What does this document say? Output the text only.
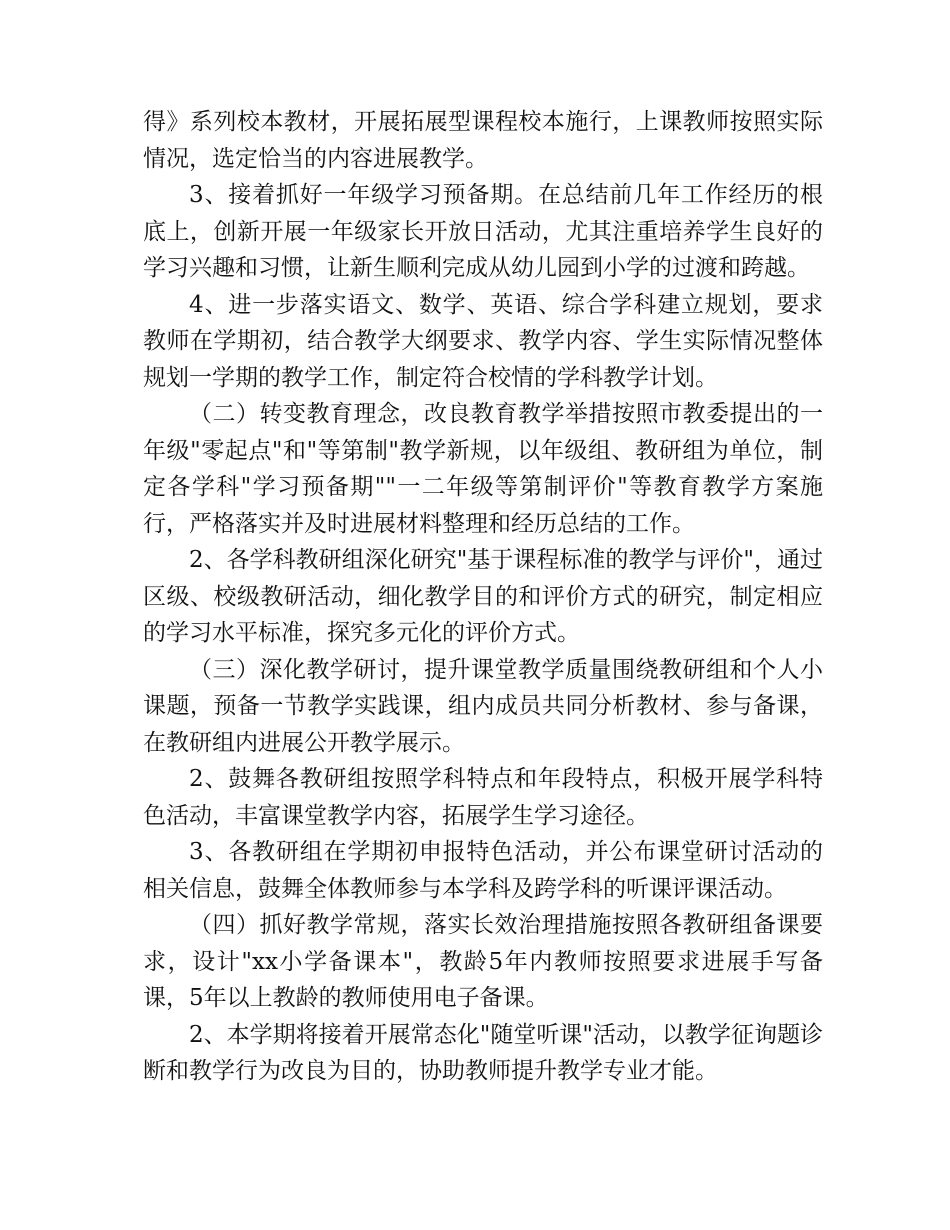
得》系列校本教材，开展拓展型课程校本施行，上课教师按照实际情况，选定恰当的内容进展教学。

3、接着抓好一年级学习预备期。在总结前几年工作经历的根底上，创新开展一年级家长开放日活动，尤其注重培养学生良好的学习兴趣和习惯，让新生顺利完成从幼儿园到小学的过渡和跨越。

4、进一步落实语文、数学、英语、综合学科建立规划，要求教师在学期初，结合教学大纲要求、教学内容、学生实际情况整体规划一学期的教学工作，制定符合校情的学科教学计划。

（二）转变教育理念，改良教育教学举措按照市教委提出的一年级"零起点"和"等第制"教学新规，以年级组、教研组为单位，制定各学科"学习预备期""一二年级等第制评价"等教育教学方案施行，严格落实并及时进展材料整理和经历总结的工作。

2、各学科教研组深化研究"基于课程标准的教学与评价"，通过区级、校级教研活动，细化教学目的和评价方式的研究，制定相应的学习水平标准，探究多元化的评价方式。

（三）深化教学研讨，提升课堂教学质量围绕教研组和个人小课题，预备一节教学实践课，组内成员共同分析教材、参与备课，在教研组内进展公开教学展示。

2、鼓舞各教研组按照学科特点和年段特点，积极开展学科特色活动，丰富课堂教学内容，拓展学生学习途径。

3、各教研组在学期初申报特色活动，并公布课堂研讨活动的相关信息，鼓舞全体教师参与本学科及跨学科的听课评课活动。

（四）抓好教学常规，落实长效治理措施按照各教研组备课要求，设计"xx小学备课本"，教龄5年内教师按照要求进展手写备课，5年以上教龄的教师使用电子备课。

2、本学期将接着开展常态化"随堂听课"活动，以教学征询题诊断和教学行为改良为目的，协助教师提升教学专业才能。
